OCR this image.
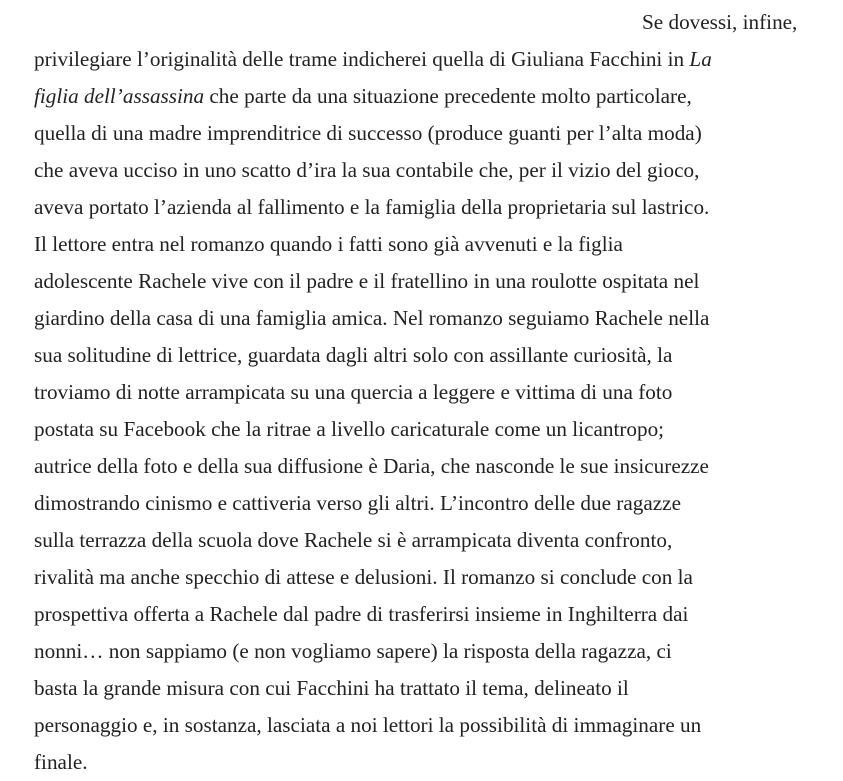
Se dovessi, infine,
privilegiare l’originalità delle trame indicherei quella di Giuliana Facchini in La
figlia dell’assassina che parte da una situazione precedente molto particolare,
quella di una madre imprenditrice di successo (produce guanti per l’alta moda)
che aveva ucciso in uno scatto d’ira la sua contabile che, per il vizio del gioco,
aveva portato l’azienda al fallimento e la famiglia della proprietaria sul lastrico.
Il lettore entra nel romanzo quando i fatti sono già avvenuti e la figlia
adolescente Rachele vive con il padre e il fratellino in una roulotte ospitata nel
giardino della casa di una famiglia amica. Nel romanzo seguiamo Rachele nella
sua solitudine di lettrice, guardata dagli altri solo con assillante curiosità, la
troviamo di notte arrampicata su una quercia a leggere e vittima di una foto
postata su Facebook che la ritrae a livello caricaturale come un licantropo;
autrice della foto e della sua diffusione è Daria, che nasconde le sue insicurezze
dimostrando cinismo e cattiveria verso gli altri. L’incontro delle due ragazze
sulla terrazza della scuola dove Rachele si è arrampicata diventa confronto,
rivalità ma anche specchio di attese e delusioni. Il romanzo si conclude con la
prospettiva offerta a Rachele dal padre di trasferirsi insieme in Inghilterra dai
nonni… non sappiamo (e non vogliamo sapere) la risposta della ragazza, ci
basta la grande misura con cui Facchini ha trattato il tema, delineato il
personaggio e, in sostanza, lasciata a noi lettori la possibilità di immaginare un
finale.
